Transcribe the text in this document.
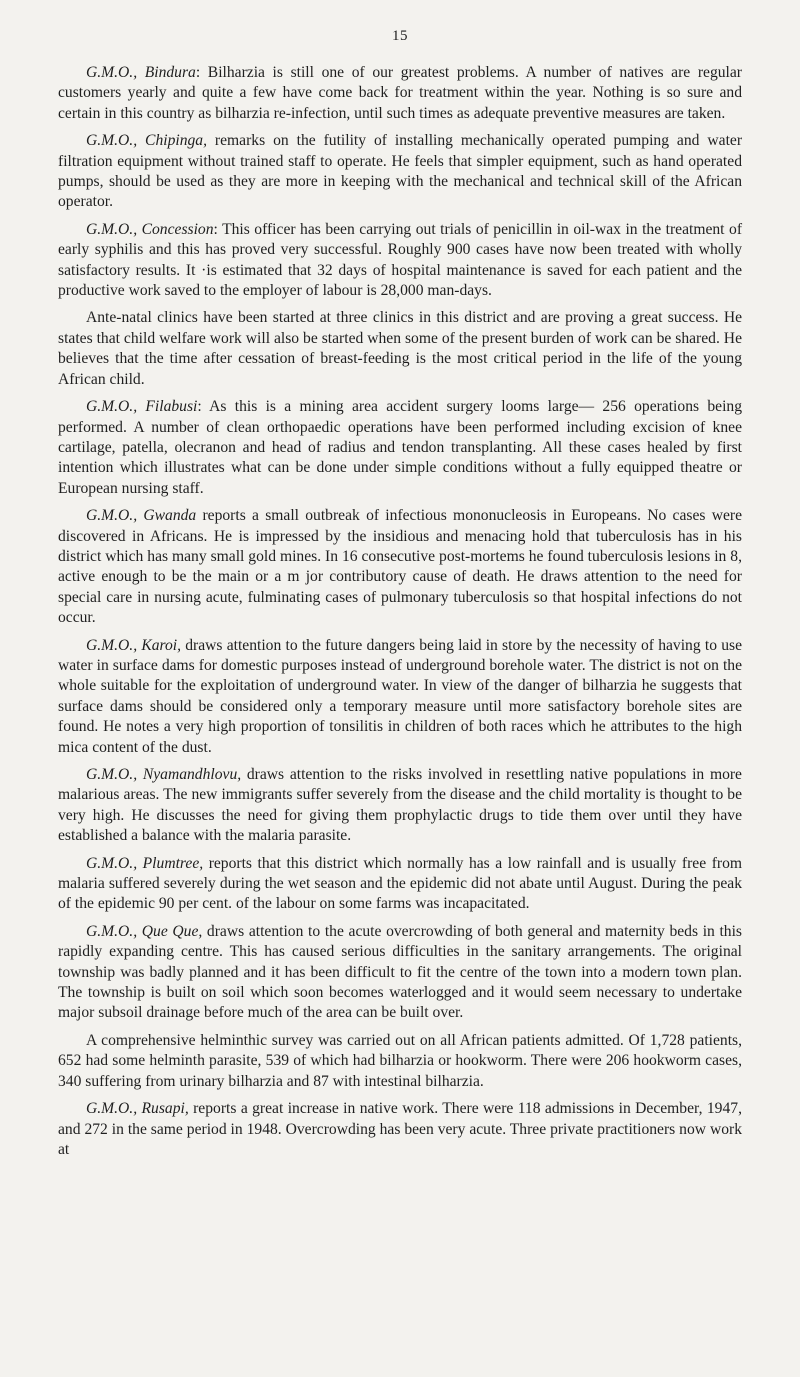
15

G.M.O., Bindura: Bilharzia is still one of our greatest problems. A number of natives are regular customers yearly and quite a few have come back for treatment within the year. Nothing is so sure and certain in this country as bilharzia re-infection, until such times as adequate preventive measures are taken.

G.M.O., Chipinga, remarks on the futility of installing mechanically operated pumping and water filtration equipment without trained staff to operate. He feels that simpler equipment, such as hand operated pumps, should be used as they are more in keeping with the mechanical and technical skill of the African operator.

G.M.O., Concession: This officer has been carrying out trials of penicillin in oil-wax in the treatment of early syphilis and this has proved very successful. Roughly 900 cases have now been treated with wholly satisfactory results. It ·is estimated that 32 days of hospital maintenance is saved for each patient and the productive work saved to the employer of labour is 28,000 man-days.

Ante-natal clinics have been started at three clinics in this district and are proving a great success. He states that child welfare work will also be started when some of the present burden of work can be shared. He believes that the time after cessation of breast-feeding is the most critical period in the life of the young African child.

G.M.O., Filabusi: As this is a mining area accident surgery looms large— 256 operations being performed. A number of clean orthopaedic operations have been performed including excision of knee cartilage, patella, olecranon and head of radius and tendon transplanting. All these cases healed by first intention which illustrates what can be done under simple conditions without a fully equipped theatre or European nursing staff.

G.M.O., Gwanda reports a small outbreak of infectious mononucleosis in Europeans. No cases were discovered in Africans. He is impressed by the insidious and menacing hold that tuberculosis has in his district which has many small gold mines. In 16 consecutive post-mortems he found tuberculosis lesions in 8, active enough to be the main or a m jor contributory cause of death. He draws attention to the need for special care in nursing acute, fulminating cases of pulmonary tuberculosis so that hospital infections do not occur.

G.M.O., Karoi, draws attention to the future dangers being laid in store by the necessity of having to use water in surface dams for domestic purposes instead of underground borehole water. The district is not on the whole suitable for the exploitation of underground water. In view of the danger of bilharzia he suggests that surface dams should be considered only a temporary measure until more satisfactory borehole sites are found. He notes a very high proportion of tonsilitis in children of both races which he attributes to the high mica content of the dust.

G.M.O., Nyamandhlovu, draws attention to the risks involved in resettling native populations in more malarious areas. The new immigrants suffer severely from the disease and the child mortality is thought to be very high. He discusses the need for giving them prophylactic drugs to tide them over until they have established a balance with the malaria parasite.

G.M.O., Plumtree, reports that this district which normally has a low rainfall and is usually free from malaria suffered severely during the wet season and the epidemic did not abate until August. During the peak of the epidemic 90 per cent. of the labour on some farms was incapacitated.

G.M.O., Que Que, draws attention to the acute overcrowding of both general and maternity beds in this rapidly expanding centre. This has caused serious difficulties in the sanitary arrangements. The original township was badly planned and it has been difficult to fit the centre of the town into a modern town plan. The township is built on soil which soon becomes waterlogged and it would seem necessary to undertake major subsoil drainage before much of the area can be built over.

A comprehensive helminthic survey was carried out on all African patients admitted. Of 1,728 patients, 652 had some helminth parasite, 539 of which had bilharzia or hookworm. There were 206 hookworm cases, 340 suffering from urinary bilharzia and 87 with intestinal bilharzia.

G.M.O., Rusapi, reports a great increase in native work. There were 118 admissions in December, 1947, and 272 in the same period in 1948. Overcrowding has been very acute. Three private practitioners now work at
